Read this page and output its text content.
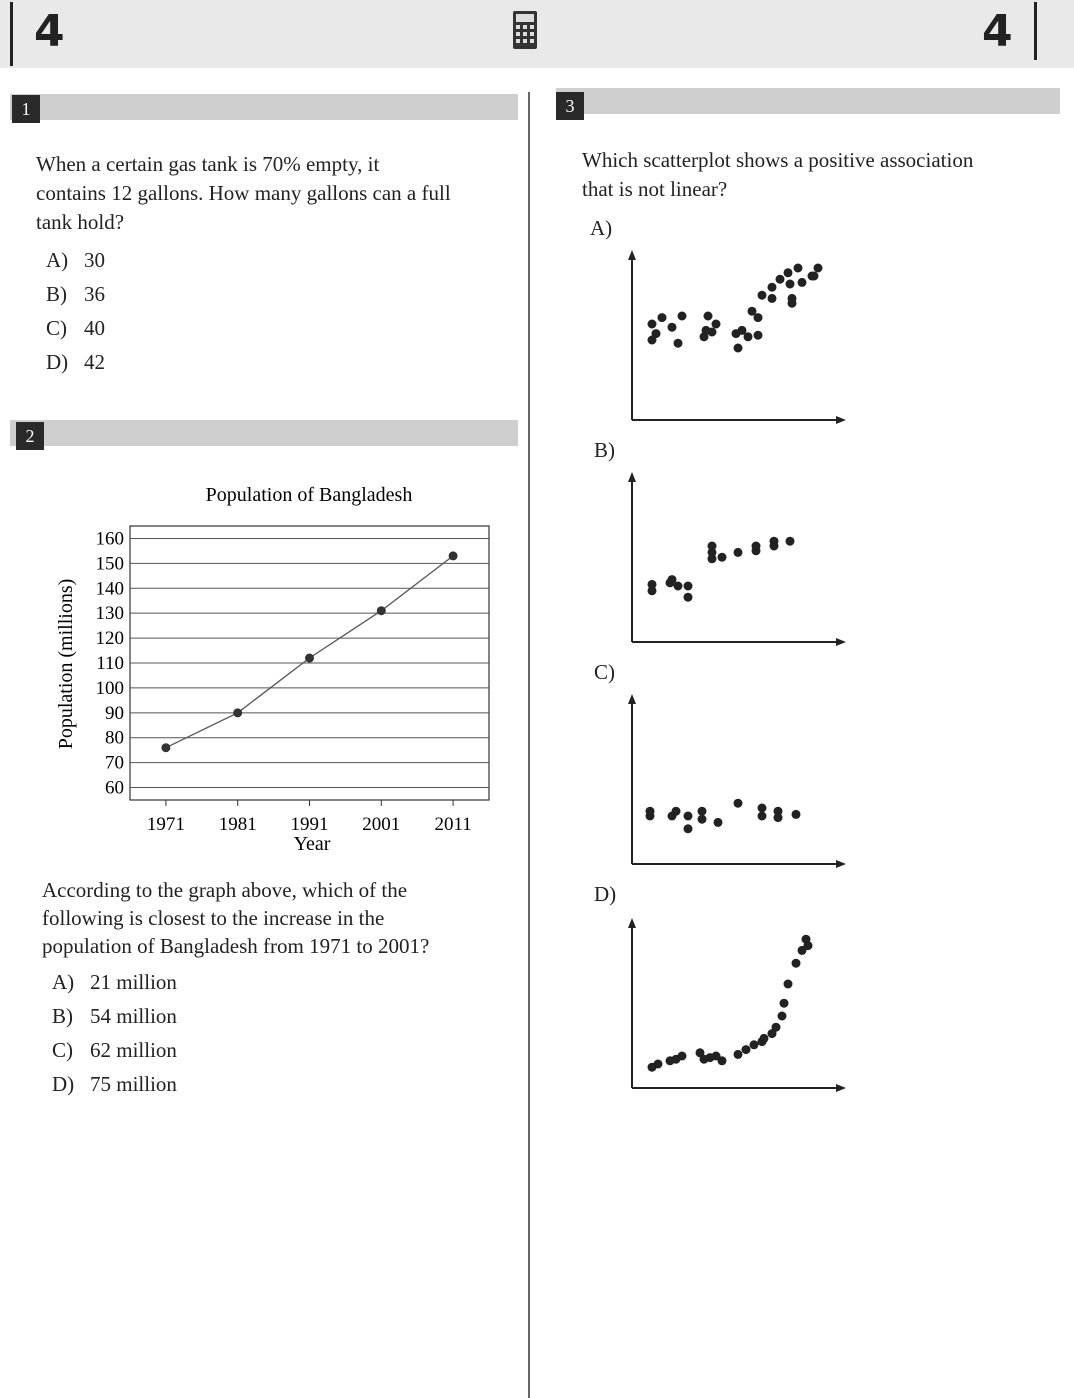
4	4
1
When a certain gas tank is 70% empty, it
contains 12 gallons. How many gallons can a full
tank hold?
A) 30
B) 36
C) 40
D) 42
2
Population of Bangladesh
60
70
80
90
100
110
120
130
140
150
160
1971 1981 1991 2001 2011
Year
Population (millions)
According to the graph above, which of the
following is closest to the increase in the
population of Bangladesh from 1971 to 2001?
A) 21 million
B) 54 million
C) 62 million
D) 75 million
3
Which scatterplot shows a positive association
that is not linear?
A)
B)
C)
D)
